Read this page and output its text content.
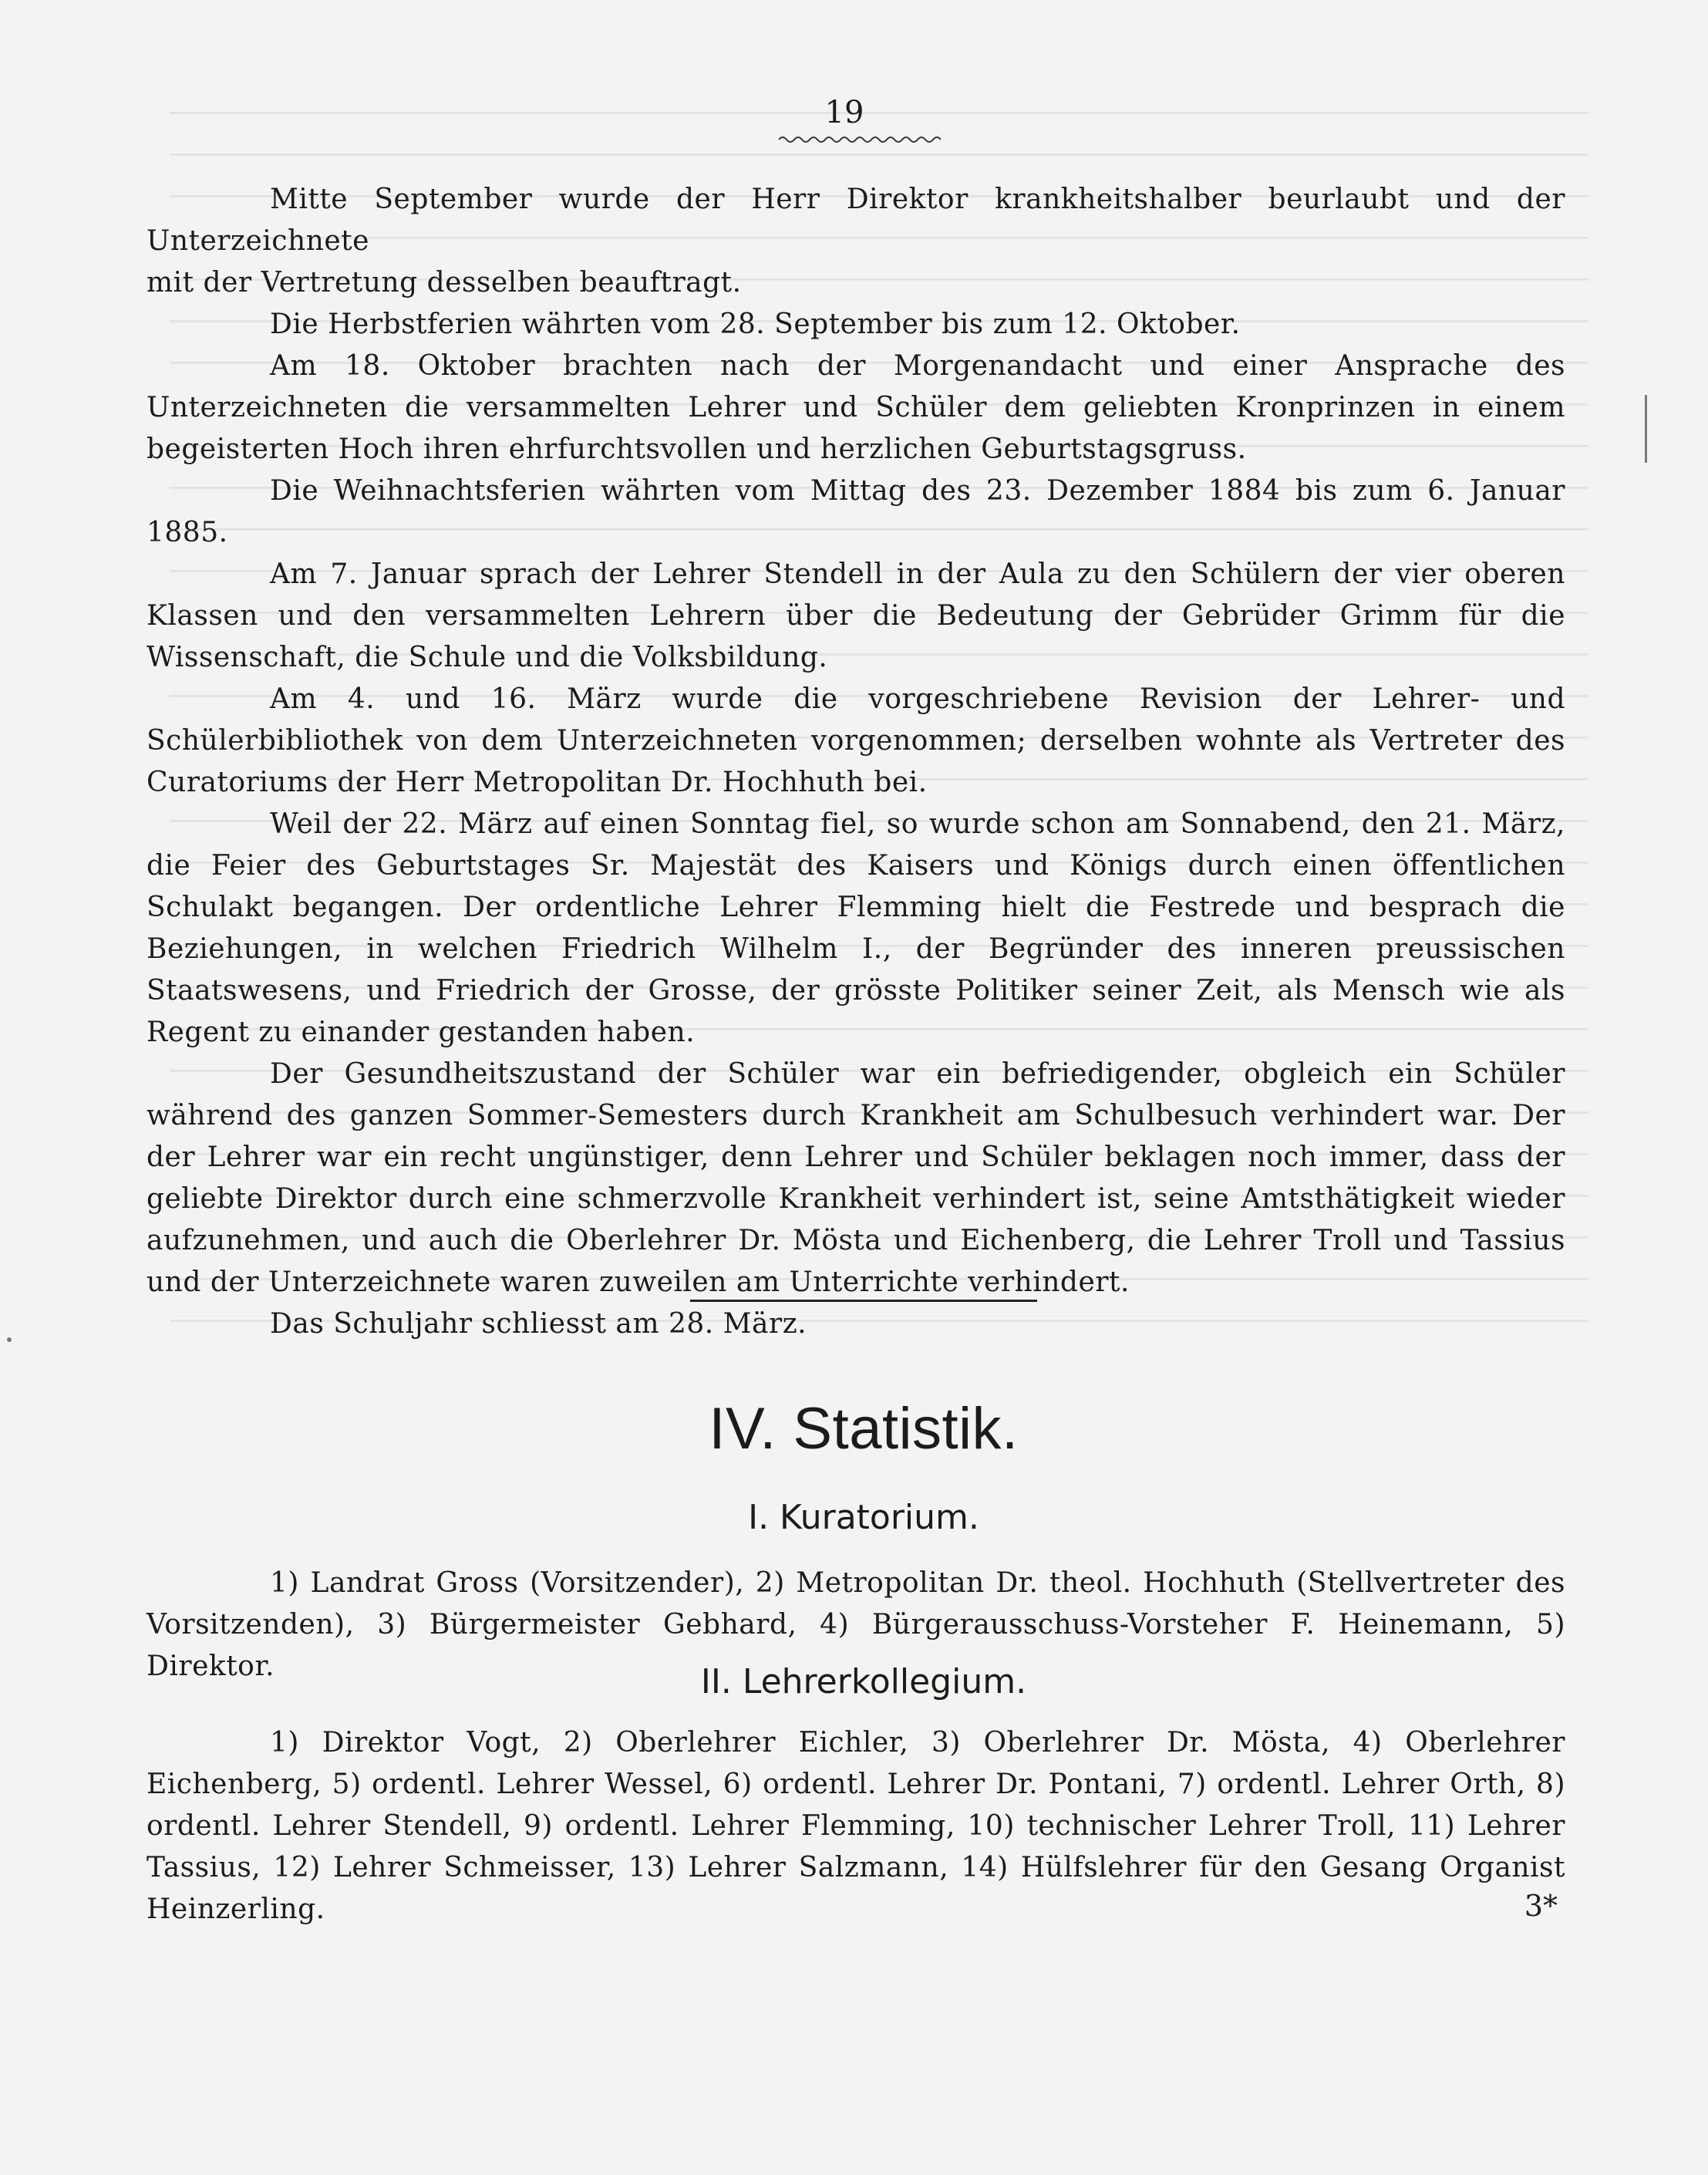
19

Mitte September wurde der Herr Direktor krankheitshalber beurlaubt und der Unterzeichnete

mit der Vertretung desselben beauftragt.

Die Herbstferien währten vom 28. September bis zum 12. Oktober.

Am 18. Oktober brachten nach der Morgenandacht und einer Ansprache des Unterzeichneten die versammelten Lehrer und Schüler dem geliebten Kronprinzen in einem begeisterten Hoch ihren ehrfurchtsvollen und herzlichen Geburtstagsgruss.

Die Weihnachtsferien währten vom Mittag des 23. Dezember 1884 bis zum 6. Januar 1885.

Am 7. Januar sprach der Lehrer Stendell in der Aula zu den Schülern der vier oberen Klassen und den versammelten Lehrern über die Bedeutung der Gebrüder Grimm für die Wissenschaft, die Schule und die Volksbildung.

Am 4. und 16. März wurde die vorgeschriebene Revision der Lehrer- und Schülerbibliothek von dem Unterzeichneten vorgenommen; derselben wohnte als Vertreter des Curatoriums der Herr Metropolitan Dr. Hochhuth bei.

Weil der 22. März auf einen Sonntag fiel, so wurde schon am Sonnabend, den 21. März, die Feier des Geburtstages Sr. Majestät des Kaisers und Königs durch einen öffentlichen Schulakt begangen. Der ordentliche Lehrer Flemming hielt die Festrede und besprach die Beziehungen, in welchen Friedrich Wilhelm I., der Begründer des inneren preussischen Staatswesens, und Friedrich der Grosse, der grösste Politiker seiner Zeit, als Mensch wie als Regent zu einander gestanden haben.

Der Gesundheitszustand der Schüler war ein befriedigender, obgleich ein Schüler während des ganzen Sommer-Semesters durch Krankheit am Schulbesuch verhindert war. Der der Lehrer war ein recht ungünstiger, denn Lehrer und Schüler beklagen noch immer, dass der geliebte Direktor durch eine schmerzvolle Krankheit verhindert ist, seine Amtsthätigkeit wieder aufzunehmen, und auch die Oberlehrer Dr. Mösta und Eichenberg, die Lehrer Troll und Tassius und der Unterzeichnete waren zuweilen am Unterrichte verhindert.

Das Schuljahr schliesst am 28. März.

IV. Statistik.
I. Kuratorium.

1) Landrat Gross (Vorsitzender), 2) Metropolitan Dr. theol. Hochhuth (Stellvertreter des Vorsitzenden), 3) Bürgermeister Gebhard, 4) Bürgerausschuss-Vorsteher F. Heinemann, 5) Direktor.	II. Lehrerkollegium.

1) Direktor Vogt, 2) Oberlehrer Eichler, 3) Oberlehrer Dr. Mösta, 4) Oberlehrer Eichenberg, 5) ordentl. Lehrer Wessel, 6) ordentl. Lehrer Dr. Pontani, 7) ordentl. Lehrer Orth, 8) ordentl. Lehrer Stendell, 9) ordentl. Lehrer Flemming, 10) technischer Lehrer Troll, 11) Lehrer Tassius, 12) Lehrer Schmeisser, 13) Lehrer Salzmann, 14) Hülfslehrer für den Gesang Organist Heinzerling.	3*
